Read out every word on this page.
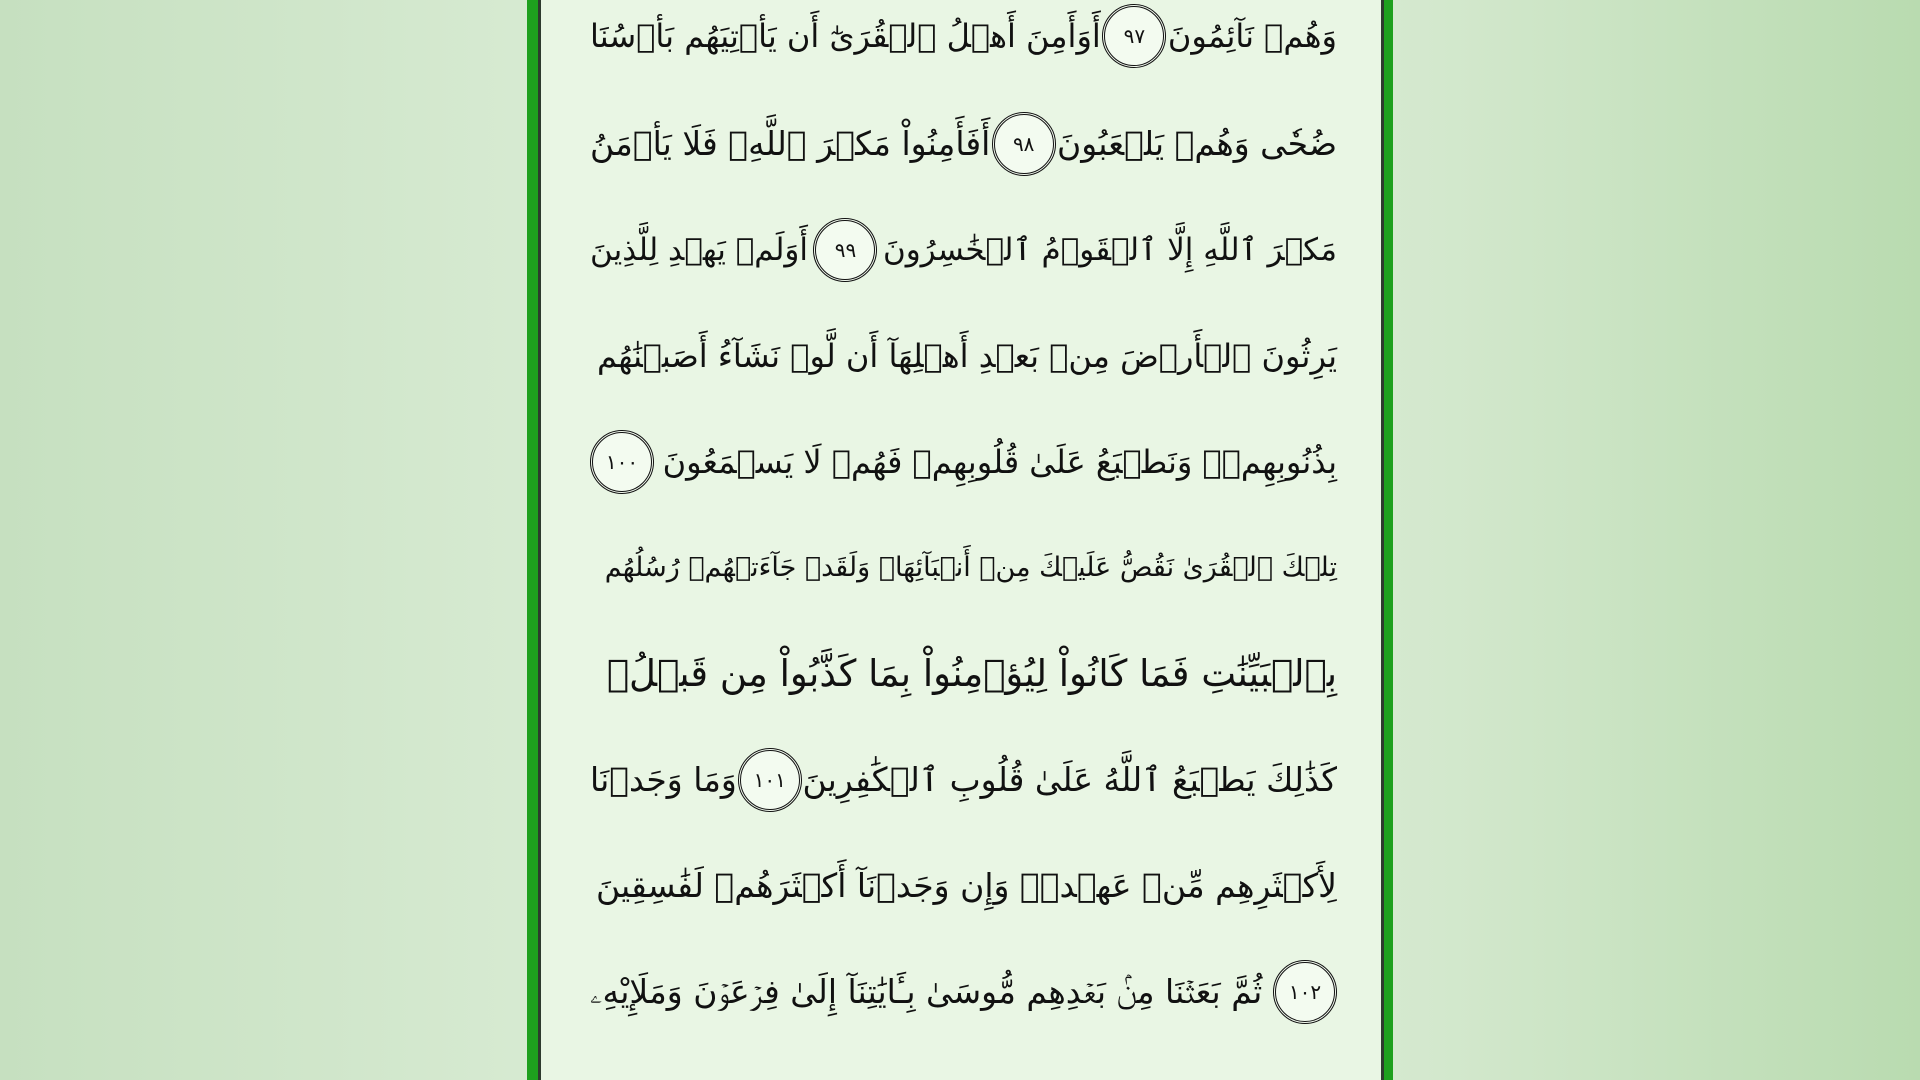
وَهُمۡ نَآئِمُونَ
٩٧
أَوَأَمِنَ أَهۡلُ ٱلۡقُرَىٰٓ أَن يَأۡتِيَهُم بَأۡسُنَا
ضُحٗى وَهُمۡ يَلۡعَبُونَ
٩٨
أَفَأَمِنُواْ مَكۡرَ ٱللَّهِۚ فَلَا يَأۡمَنُ
مَكۡرَ ٱللَّهِ إِلَّا ٱلۡقَوۡمُ ٱلۡخَٰسِرُونَ
٩٩
أَوَلَمۡ يَهۡدِ لِلَّذِينَ
يَرِثُونَ ٱلۡأَرۡضَ مِنۢ بَعۡدِ أَهۡلِهَآ أَن لَّوۡ نَشَآءُ أَصَبۡنَٰهُم
بِذُنُوبِهِمۡۚ وَنَطۡبَعُ عَلَىٰ قُلُوبِهِمۡ فَهُمۡ لَا يَسۡمَعُونَ
١٠٠
تِلۡكَ ٱلۡقُرَىٰ نَقُصُّ عَلَيۡكَ مِنۡ أَنۢبَآئِهَاۚ وَلَقَدۡ جَآءَتۡهُمۡ رُسُلُهُم
بِٱلۡبَيِّنَٰتِ فَمَا كَانُواْ لِيُؤۡمِنُواْ بِمَا كَذَّبُواْ مِن قَبۡلُۚ
كَذَٰلِكَ يَطۡبَعُ ٱللَّهُ عَلَىٰ قُلُوبِ ٱلۡكَٰفِرِينَ
١٠١
وَمَا وَجَدۡنَا
لِأَكۡثَرِهِم مِّنۡ عَهۡدٖۖ وَإِن وَجَدۡنَآ أَكۡثَرَهُمۡ لَفَٰسِقِينَ
١٠٢
ثُمَّ بَعَثۡنَا مِنۢ بَعۡدِهِم مُّوسَىٰ بِـَٔايَٰتِنَآ إِلَىٰ فِرۡعَوۡنَ وَمَلَإِيْهِۦ
